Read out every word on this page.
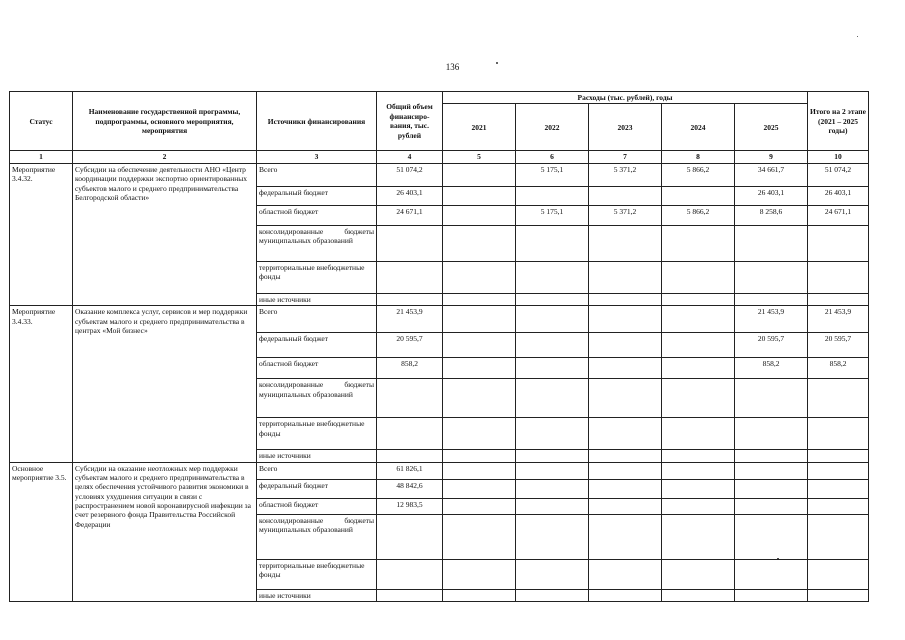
136
Статус	Наименование государственной программы, подпрограммы, основного мероприятия, мероприятия	Источники финансирования	Общий объем финансиро- вания, тыс. рублей	Расходы (тыс. рублей), годы					Итого на 2 этапе (2021 – 2025 годы)
				2021	2022	2023	2024	2025	
1	2	3	4	5	6	7	8	9	10
Мероприятие 3.4.32.	Субсидии на обеспечение деятельности АНО «Центр координации поддержки экспортно ориентированных субъектов малого и среднего предпринимательства Белгородской области»	Всего	51 074,2		5 175,1	5 371,2	5 866,2	34 661,7	51 074,2
		федеральный бюджет	26 403,1					26 403,1	26 403,1
		областной бюджет	24 671,1		5 175,1	5 371,2	5 866,2	8 258,6	24 671,1
		консолидированные бюджеты муниципальных образований							
		территориальные внебюджетные фонды							
		иные источники							
Мероприятие 3.4.33.	Оказание комплекса услуг, сервисов и мер поддержки субъектам малого и среднего предпринимательства в центрах «Мой бизнес»	Всего	21 453,9					21 453,9	21 453,9
		федеральный бюджет	20 595,7					20 595,7	20 595,7
		областной бюджет	858,2					858,2	858,2
		консолидированные бюджеты муниципальных образований							
		территориальные внебюджетные фонды							
		иные источники							
Основное мероприятие 3.5.	Субсидии на оказание неотложных мер поддержки субъектам малого и среднего предпринимательства в целях обеспечения устойчивого развития экономики в условиях ухудшения ситуации в связи с распространением новой коронавирусной инфекции за счет резервного фонда Правительства Российской Федерации	Всего	61 826,1						
		федеральный бюджет	48 842,6						
		областной бюджет	12 983,5						
		консолидированные бюджеты муниципальных образований							
		территориальные внебюджетные фонды							
		иные источники							
